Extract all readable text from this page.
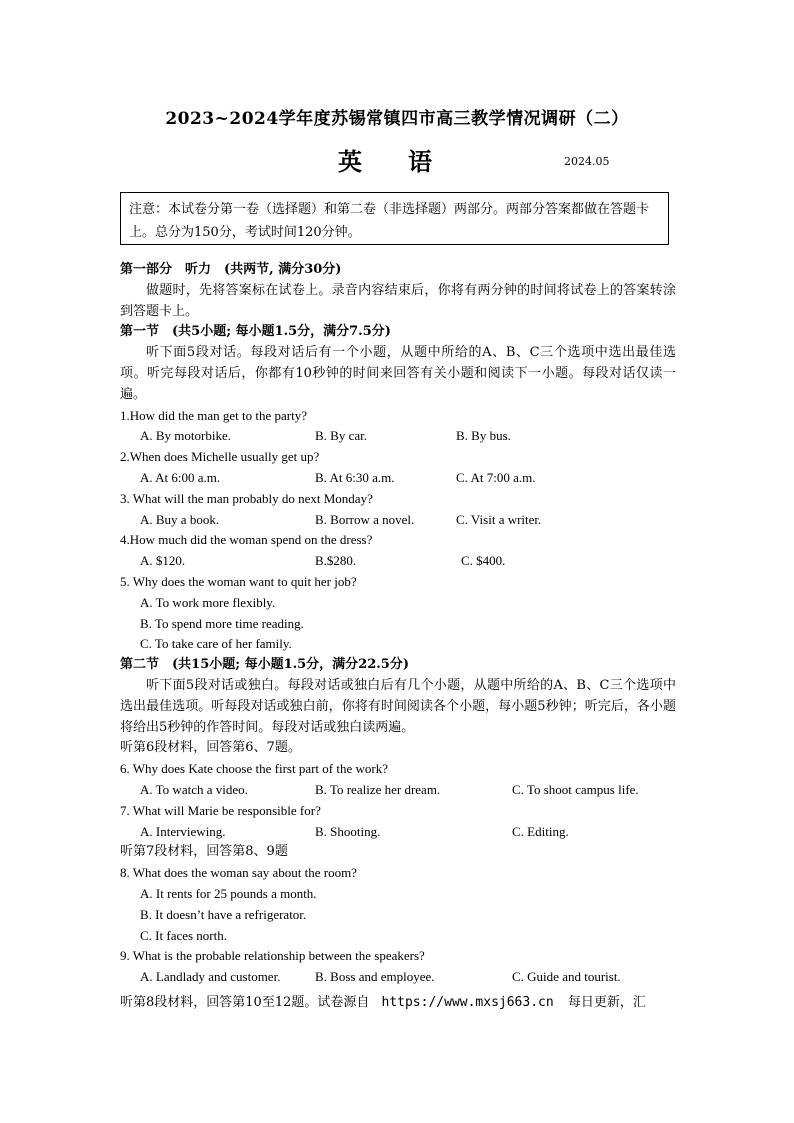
2023~2024学年度苏锡常镇四市高三教学情况调研（二）
英语	2024.05
注意：本试卷分第一卷（选择题）和第二卷（非选择题）两部分。两部分答案都做在答题卡上。总分为150分，考试时间120分钟。
第一部分　听力　(共两节, 满分30分)
做题时，先将答案标在试卷上。录音内容结束后，你将有两分钟的时间将试卷上的答案转涂到答题卡上。
第一节　(共5小题; 每小题1.5分，满分7.5分)
听下面5段对话。每段对话后有一个小题，从题中所给的A、B、C三个选项中选出最佳选项。听完每段对话后，你都有10秒钟的时间来回答有关小题和阅读下一小题。每段对话仅读一遍。
1.How did the man get to the party?
A. By motorbike.	B. By car.	B. By bus.
2.When does Michelle usually get up?
A. At 6:00 a.m.	B. At 6:30 a.m.	C. At 7:00 a.m.
3. What will the man probably do next Monday?
A. Buy a book.	B. Borrow a novel.	C. Visit a writer.
4.How much did the woman spend on the dress?
A. $120.	B.$280.	C. $400.
5. Why does the woman want to quit her job?
A. To work more flexibly.
B. To spend more time reading.
C. To take care of her family.
第二节　(共15小题; 每小题1.5分，满分22.5分)
听下面5段对话或独白。每段对话或独白后有几个小题，从题中所给的A、B、C三个选项中选出最佳选项。听每段对话或独白前，你将有时间阅读各个小题，每小题5秒钟；听完后，各小题将给出5秒钟的作答时间。每段对话或独白读两遍。
听第6段材料，回答第6、7题。
6. Why does Kate choose the first part of the work?
A. To watch a video.	B. To realize her dream.	C. To shoot campus life.
7. What will Marie be responsible for?
A. Interviewing.	B. Shooting.	C. Editing.
听第7段材料，回答第8、9题
8. What does the woman say about the room?
A. It rents for 25 pounds a month.
B. It doesn’t have a refrigerator.
C. It faces north.
9. What is the probable relationship between the speakers?
A. Landlady and customer.	B. Boss and employee.	C. Guide and tourist.
听第8段材料，回答第10至12题。试卷源自 https://www.mxsj663.cn 每日更新，汇
